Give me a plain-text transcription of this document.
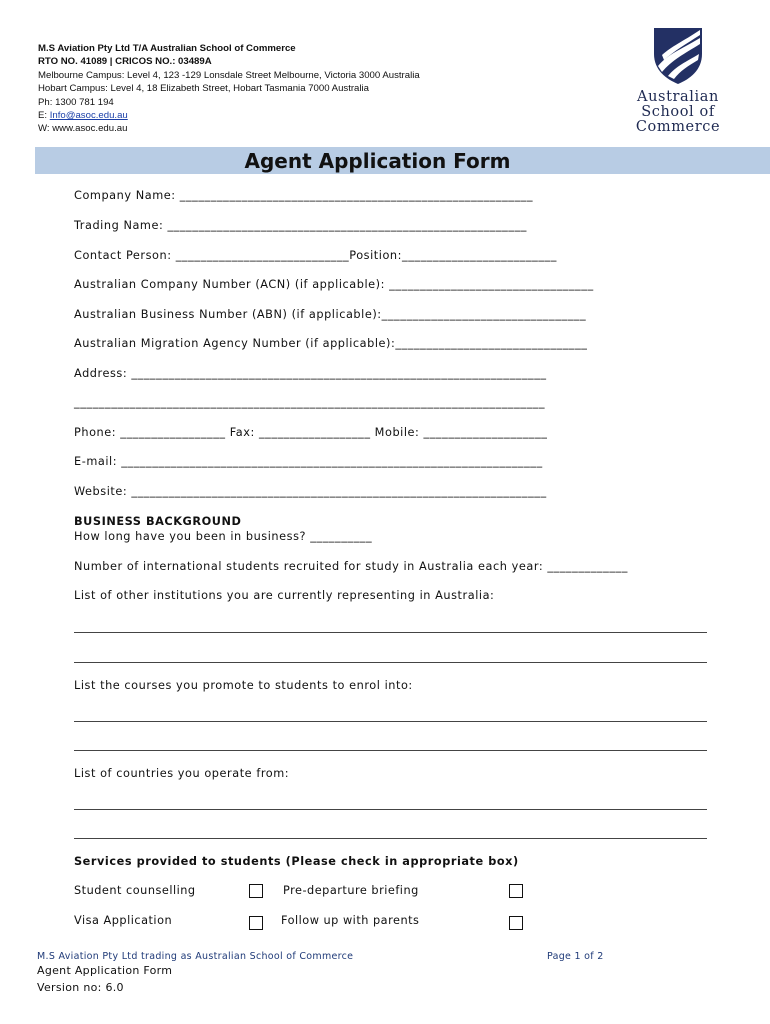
M.S Aviation Pty Ltd T/A Australian School of Commerce
RTO NO. 41089 | CRICOS NO.: 03489A
Melbourne Campus: Level 4, 123 -129 Lonsdale Street Melbourne, Victoria 3000 Australia
Hobart Campus: Level 4, 18 Elizabeth Street, Hobart Tasmania 7000 Australia
Ph: 1300 781 194
E: Info@asoc.edu.au
W: www.asoc.edu.au
Australian
School of
Commerce
Agent Application Form
Company Name: _________________________________________________________
Trading Name: __________________________________________________________
Contact Person: ____________________________Position:_________________________
Australian Company Number (ACN) (if applicable): _________________________________
Australian Business Number (ABN) (if applicable):_________________________________
Australian Migration Agency Number (if applicable):_______________________________
Address: ___________________________________________________________________
____________________________________________________________________________
Phone: _________________ Fax: __________________ Mobile: ____________________
E-mail: ____________________________________________________________________
Website: ___________________________________________________________________
BUSINESS BACKGROUND
How long have you been in business? __________
Number of international students recruited for study in Australia each year: _____________
List of other institutions you are currently representing in Australia:
List the courses you promote to students to enrol into:
List of countries you operate from:
Services provided to students (Please check in appropriate box)
Student counselling	Pre-departure briefing
Visa Application	Follow up with parents
M.S Aviation Pty Ltd trading as Australian School of Commerce	Page 1 of 2
Agent Application Form
Version no: 6.0
